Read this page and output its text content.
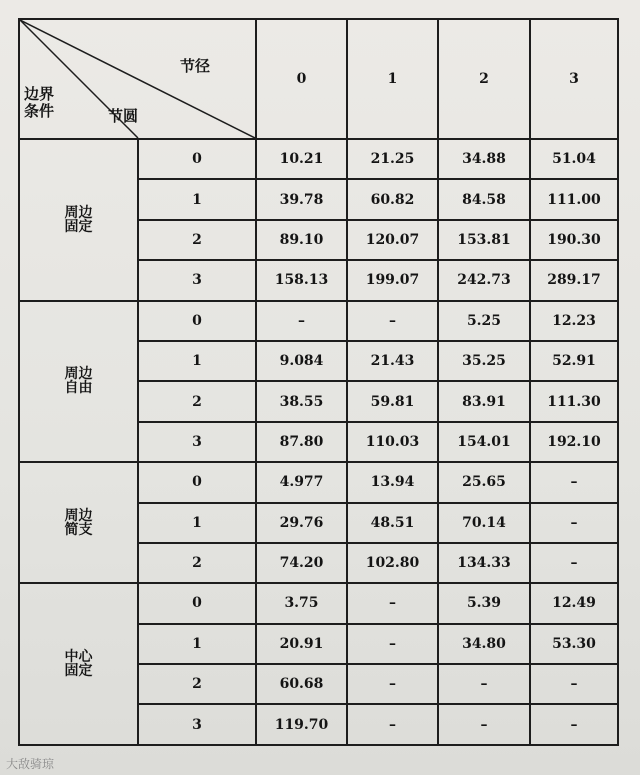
边界
条件
节径
节圆		0	1	2	3
周边
固定	0	10.21	21.25	34.88	51.04
	1	39.78	60.82	84.58	111.00
	2	89.10	120.07	153.81	190.30
	3	158.13	199.07	242.73	289.17
周边
自由	0	–	–	5.25	12.23
	1	9.084	21.43	35.25	52.91
	2	38.55	59.81	83.91	111.30
	3	87.80	110.03	154.01	192.10
周边
简支	0	4.977	13.94	25.65	–
	1	29.76	48.51	70.14	–
	2	74.20	102.80	134.33	–
中心
固定	0	3.75	–	5.39	12.49
	1	20.91	–	34.80	53.30
	2	60.68	–	–	–
	3	119.70	–	–	–
大敌骑琼
